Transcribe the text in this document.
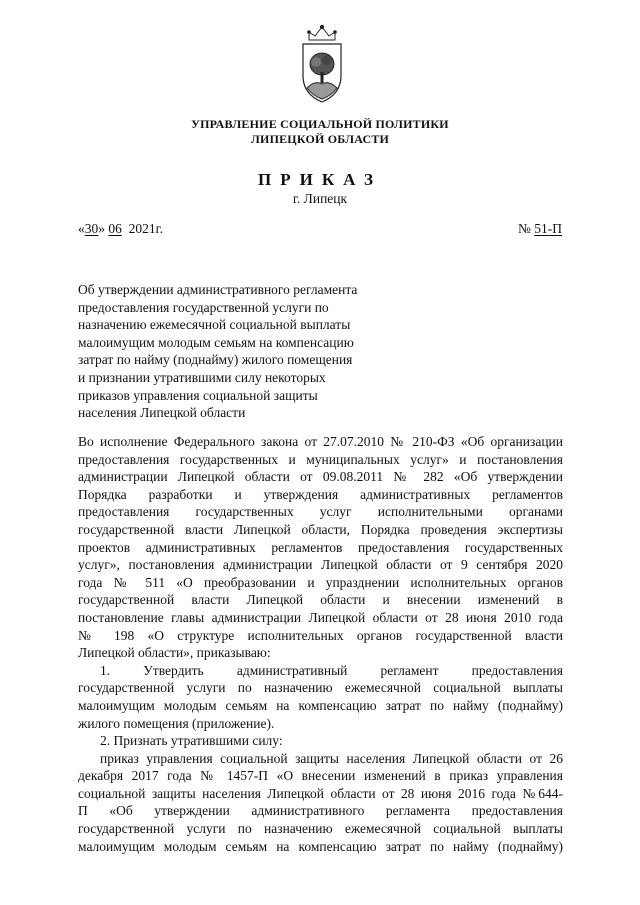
УПРАВЛЕНИЕ СОЦИАЛЬНОЙ ПОЛИТИКИ
ЛИПЕЦКОЙ ОБЛАСТИ
ПРИКАЗ
г. Липецк
«30» 06 2021г.	№ 51-П
Об утверждении административного регламента
предоставления государственной услуги по
назначению ежемесячной социальной выплаты
малоимущим молодым семьям на компенсацию
затрат по найму (поднайму) жилого помещения
и признании утратившими силу некоторых
приказов управления социальной защиты
населения Липецкой области
Во исполнение Федерального закона от 27.07.2010 № 210-ФЗ «Об организации
предоставления государственных и муниципальных услуг» и постановления
администрации Липецкой области от 09.08.2011 № 282 «Об утверждении
Порядка разработки и утверждения административных регламентов
предоставления государственных услуг исполнительными органами
государственной власти Липецкой области, Порядка проведения экспертизы
проектов административных регламентов предоставления государственных
услуг», постановления администрации Липецкой области от 9 сентября 2020
года № 511 «О преобразовании и упразднении исполнительных органов
государственной власти Липецкой области и внесении изменений в
постановление главы администрации Липецкой области от 28 июня 2010 года
№ 198 «О структуре исполнительных органов государственной власти
Липецкой области», приказываю:
1. Утвердить административный регламент предоставления
государственной услуги по назначению ежемесячной социальной выплаты
малоимущим молодым семьям на компенсацию затрат по найму (поднайму)
жилого помещения (приложение).
2. Признать утратившими силу:
приказ управления социальной защиты населения Липецкой области от 26
декабря 2017 года № 1457-П «О внесении изменений в приказ управления
социальной защиты населения Липецкой области от 28 июня 2016 года №644-
П «Об утверждении административного регламента предоставления
государственной услуги по назначению ежемесячной социальной выплаты
малоимущим молодым семьям на компенсацию затрат по найму (поднайму)
